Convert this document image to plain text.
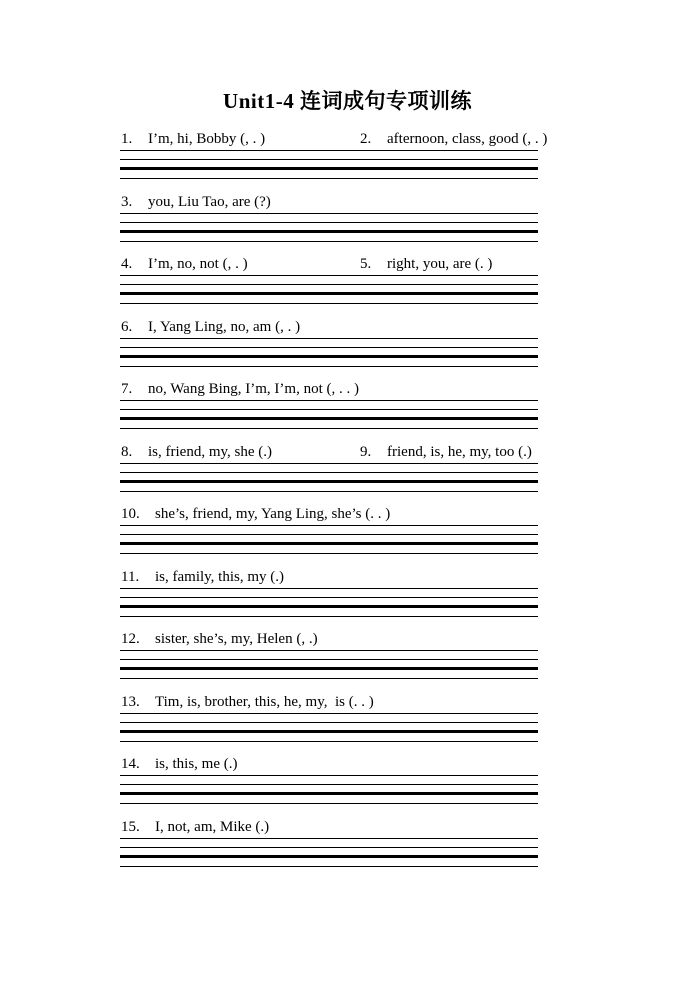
Unit1-4 连词成句专项训练
1.	I’m, hi, Bobby (, . )	2.	afternoon, class, good (, . )
3.	you, Liu Tao, are (?)
4.	I’m, no, not (, . )	5.	right, you, are (. )
6.	I, Yang Ling, no, am (, . )
7.	no, Wang Bing, I’m, I’m, not (, . . )
8.	is, friend, my, she (.)	9.	friend, is, he, my, too (.)
10.	she’s, friend, my, Yang Ling, she’s (. . )
11.	is, family, this, my (.)
12.	sister, she’s, my, Helen (, .)
13.	Tim, is, brother, this, he, my,  is (. . )
14.	is, this, me (.)
15.	I, not, am, Mike (.)
